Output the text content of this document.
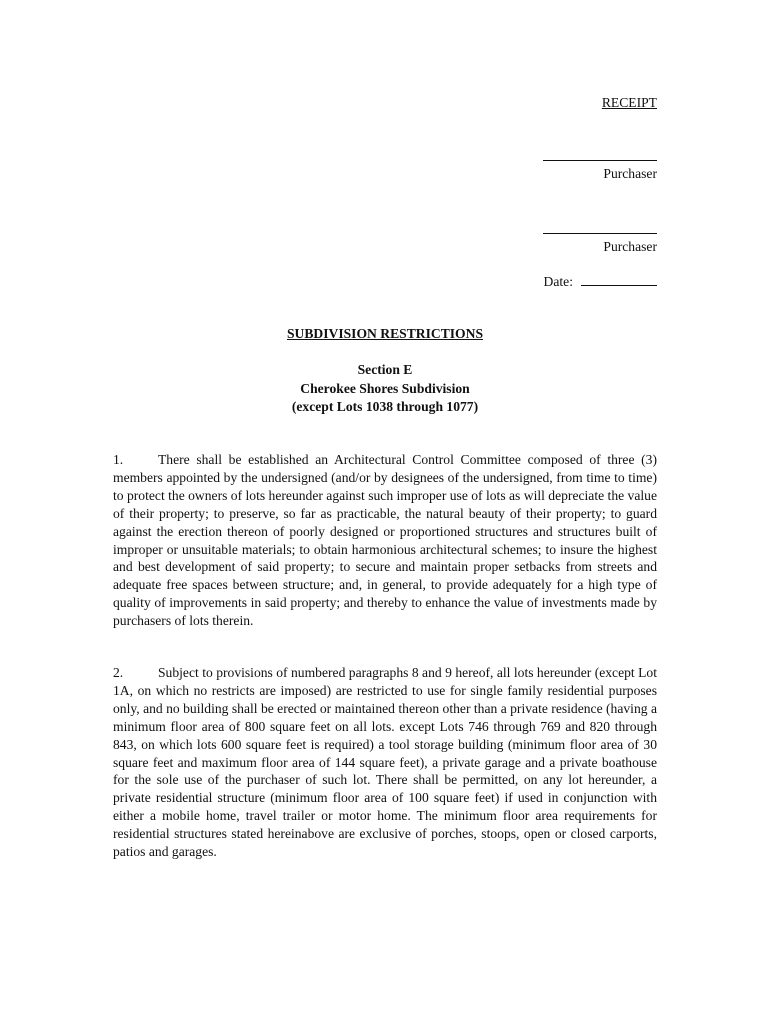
RECEIPT
Purchaser
Purchaser
Date:
SUBDIVISION RESTRICTIONS
Section E
Cherokee Shores Subdivision
(except Lots 1038 through 1077)

1.	There shall be established an Architectural Control Committee composed of three (3) members appointed by the undersigned (and/or by designees of the undersigned, from time to time) to protect the owners of lots hereunder against such improper use of lots as will depreciate the value of their property; to preserve, so far as practicable, the natural beauty of their property; to guard against the erection thereon of poorly designed or proportioned structures and structures built of improper or unsuitable materials; to obtain harmonious architectural schemes; to insure the highest and best development of said property; to secure and maintain proper setbacks from streets and adequate free spaces between structure; and, in general, to provide adequately for a high type of quality of improvements in said property; and thereby to enhance the value of investments made by purchasers of lots therein.

2.	Subject to provisions of numbered paragraphs 8 and 9 hereof, all lots hereunder (except Lot 1A, on which no restricts are imposed) are restricted to use for single family residential purposes only, and no building shall be erected or maintained thereon other than a private residence (having a minimum floor area of 800 square feet on all lots. except Lots 746 through 769 and 820 through 843, on which lots 600 square feet is required) a tool storage building (minimum floor area of 30 square feet and maximum floor area of 144 square feet), a private garage and a private boathouse for the sole use of the purchaser of such lot. There shall be permitted, on any lot hereunder, a private residential structure (minimum floor area of 100 square feet) if used in conjunction with either a mobile home, travel trailer or motor home. The minimum floor area requirements for residential structures stated hereinabove are exclusive of porches, stoops, open or closed carports, patios and garages.
